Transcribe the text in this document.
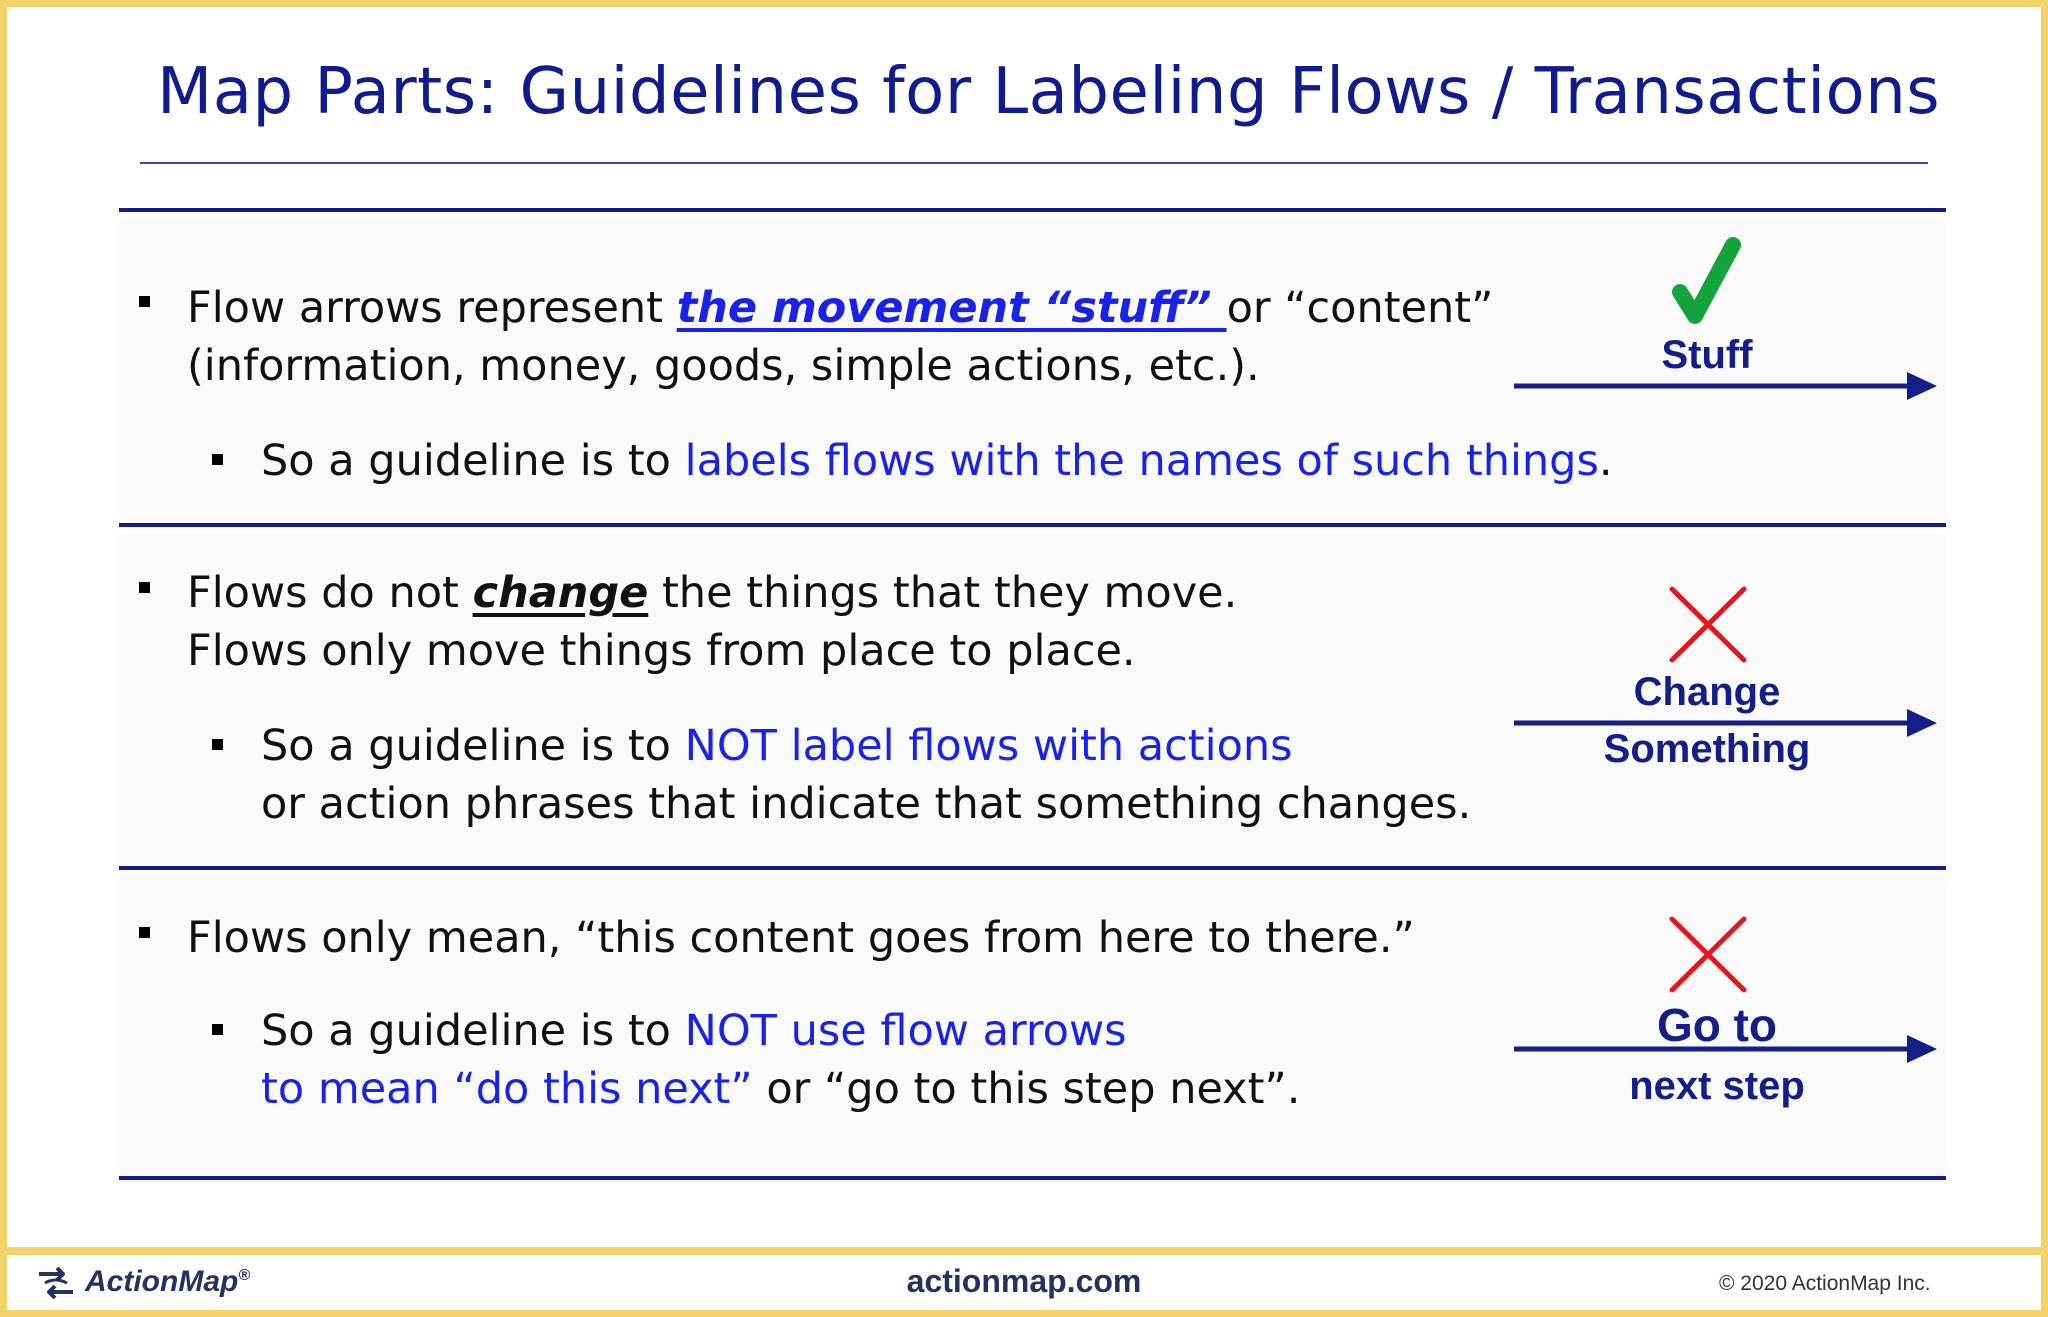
Map Parts: Guidelines for Labeling Flows / Transactions
Flow arrows represent the movement “stuff” or “content”
(information, money, goods, simple actions, etc.).
So a guideline is to labels flows with the names of such things.
Stuff
Flows do not change the things that they move.
Flows only move things from place to place.
So a guideline is to NOT label flows with actions
or action phrases that indicate that something changes.
Change
Something
Flows only mean, “this content goes from here to there.”
So a guideline is to NOT use flow arrows
to mean “do this next” or “go to this step next”.
Go to
next step
ActionMap®	actionmap.com	© 2020 ActionMap Inc.
